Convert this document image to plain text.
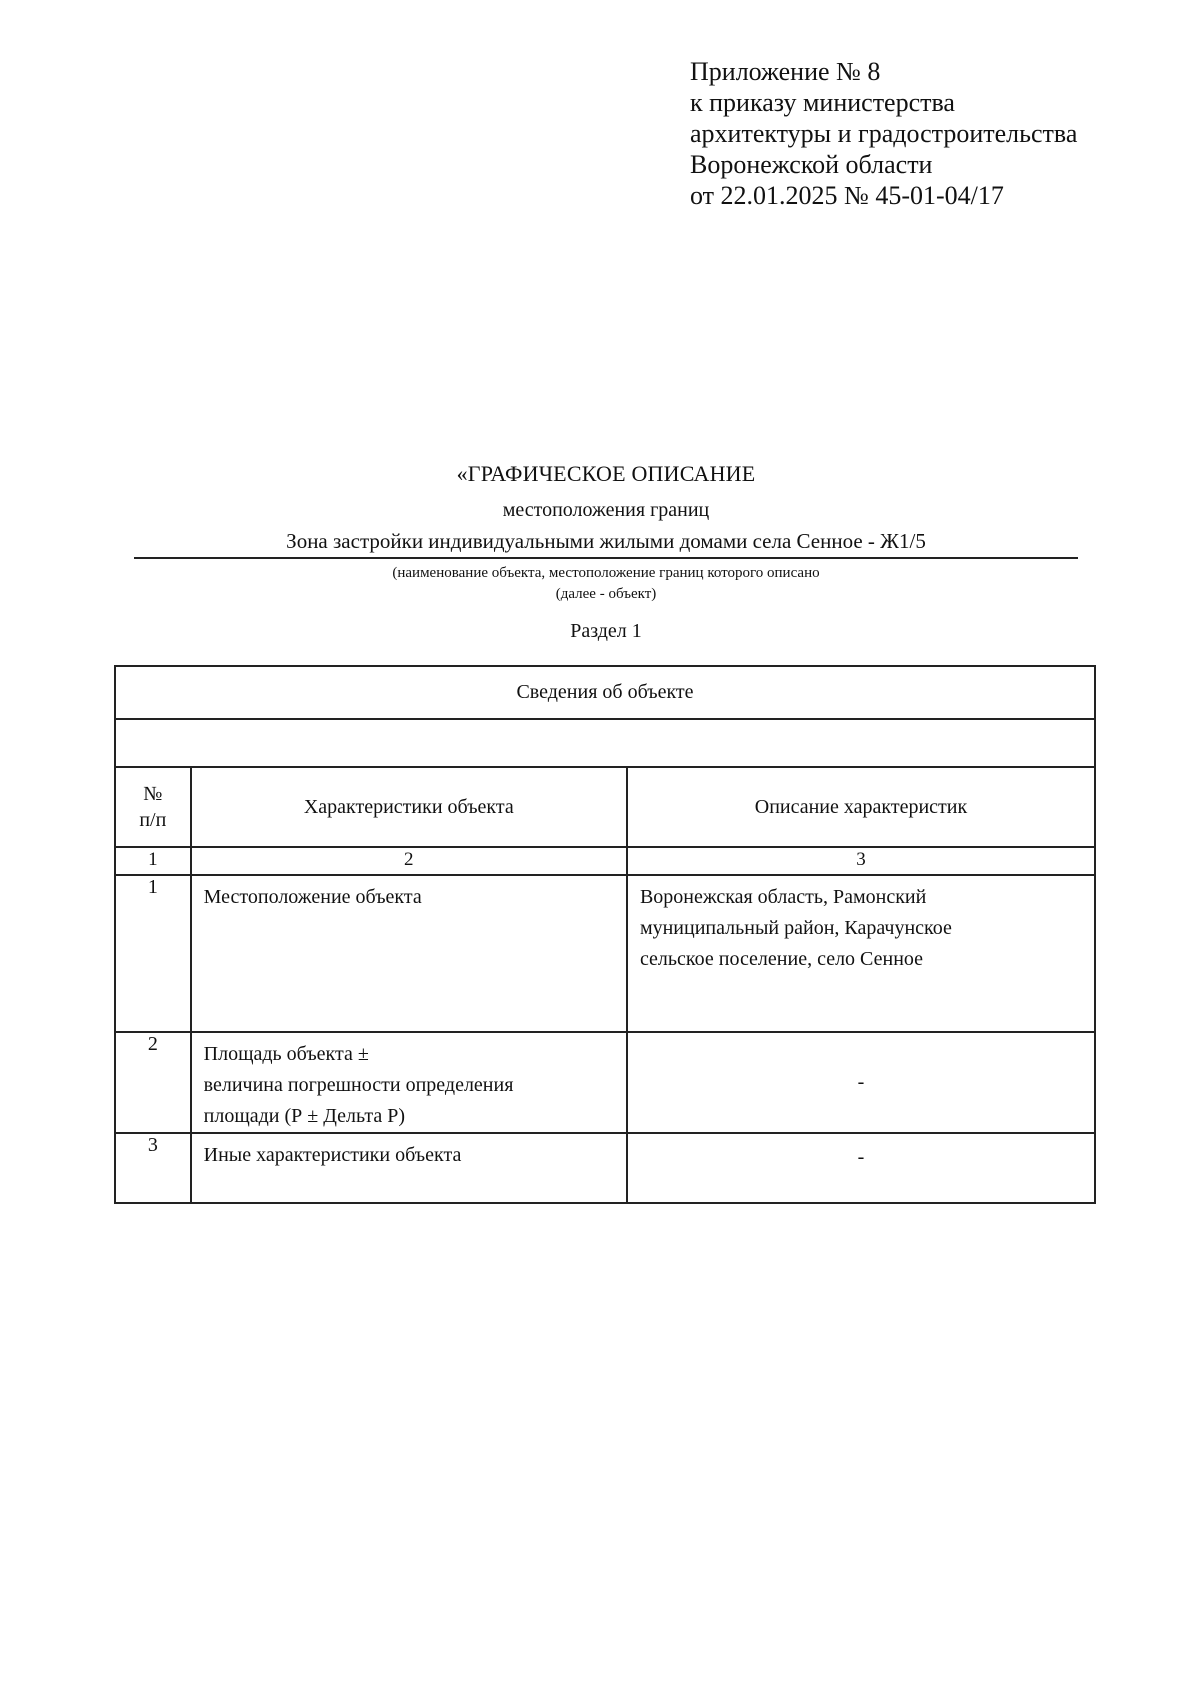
Приложение № 8
к приказу министерства
архитектуры и градостроительства
Воронежской области
от 22.01.2025 № 45-01-04/17
«ГРАФИЧЕСКОЕ ОПИСАНИЕ
местоположения границ
Зона застройки индивидуальными жилыми домами села Сенное - Ж1/5
(наименование объекта, местоположение границ которого описано
(далее - объект)
Раздел 1
Сведения об объекте		

№
п/п	Характеристики объекта	Описание характеристик
1	2	3
1	Местоположение объекта	Воронежская область, Рамонский
муниципальный район, Карачунское
сельское поселение, село Сенное

2	Площадь объекта ±
величина погрешности определения
площади (Р ± Дельта Р)	-
3	Иные характеристики объекта	-
